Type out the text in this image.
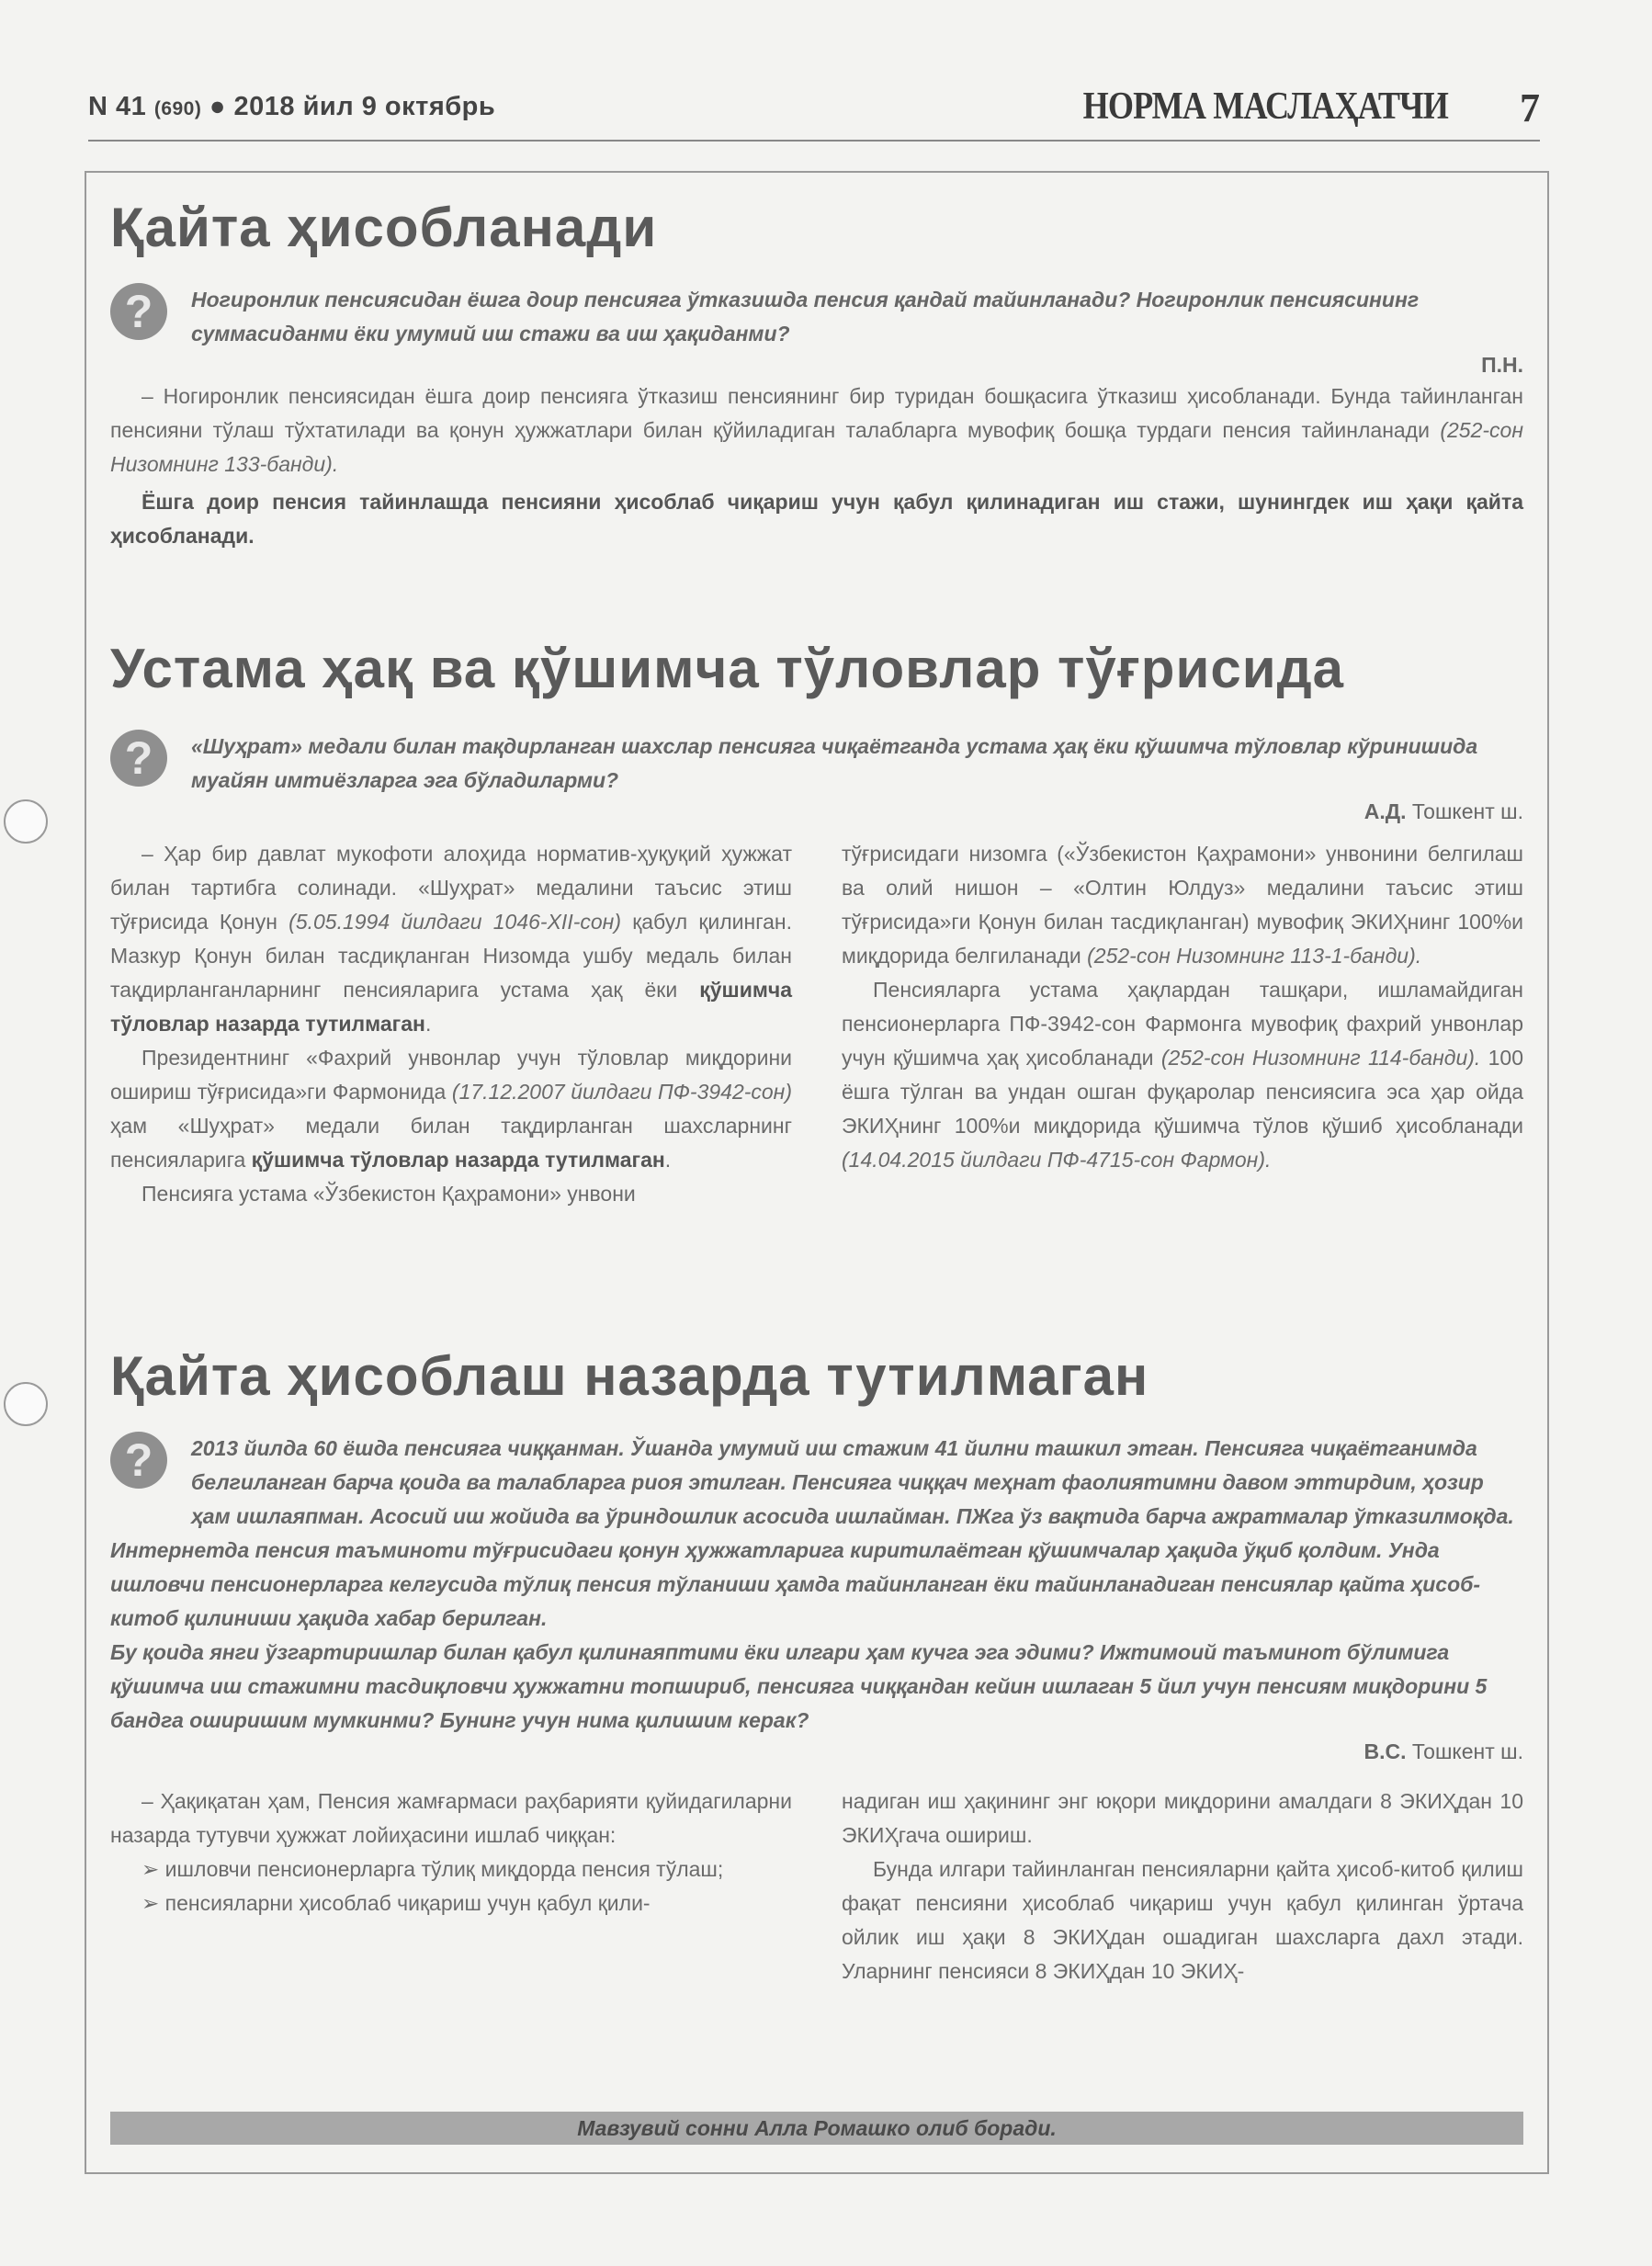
N 41 (690) ● 2018 йил 9 октябрь	НОРМА МАСЛАҲАТЧИ 7
Қайта ҳисобланади
?	Ногиронлик пенсиясидан ёшга доир пенсияга ўтказишда пенсия қандай тайинланади? Ногиронлик пенсиясининг суммасиданми ёки умумий иш стажи ва иш ҳақиданми?

П.Н.

– Ногиронлик пенсиясидан ёшга доир пенсияга ўтказиш пенсиянинг бир туридан бошқасига ўтказиш ҳисобланади. Бунда тайинланган пенсияни тўлаш тўхтатилади ва қонун ҳужжатлари билан қўйиладиган талабларга мувофиқ бошқа турдаги пенсия тайинланади (252-сон Низомнинг 133-банди).

Ёшга доир пенсия тайинлашда пенсияни ҳисоблаб чиқариш учун қабул қилинадиган иш стажи, шунингдек иш ҳақи қайта ҳисобланади.

Устама ҳақ ва қўшимча тўловлар тўғрисида
?	«Шуҳрат» медали билан тақдирланган шахслар пенсияга чиқаётганда устама ҳақ ёки қўшимча тўловлар кўринишида муайян имтиёзларга эга бўладиларми?

А.Д. Тошкент ш.

– Ҳар бир давлат мукофоти алоҳида норматив-ҳуқуқий ҳужжат билан тартибга солинади. «Шуҳрат» медалини таъсис этиш тўғрисида Қонун (5.05.1994 йилдаги 1046-XII-сон) қабул қилинган. Мазкур Қонун билан тасдиқланган Низомда ушбу медаль билан тақдирланганларнинг пенсияларига устама ҳақ ёки қўшимча тўловлар назарда тутилмаган.

Президентнинг «Фахрий унвонлар учун тўловлар миқдорини ошириш тўғрисида»ги Фармонида (17.12.2007 йилдаги ПФ-3942-сон) ҳам «Шуҳрат» медали билан тақдирланган шахсларнинг пенсияларига қўшимча тўловлар назарда тутилмаган.

Пенсияга устама «Ўзбекистон Қаҳрамони» унвони

тўғрисидаги низомга («Ўзбекистон Қаҳрамони» унвонини белгилаш ва олий нишон – «Олтин Юлдуз» медалини таъсис этиш тўғрисида»ги Қонун билан тасдиқланган) мувофиқ ЭКИҲнинг 100%и миқдорида белгиланади (252-сон Низомнинг 113-1-банди).

Пенсияларга устама ҳақлардан ташқари, ишламайдиган пенсионерларга ПФ-3942-сон Фармонга мувофиқ фахрий унвонлар учун қўшимча ҳақ ҳисобланади (252-сон Низомнинг 114-банди). 100 ёшга тўлган ва ундан ошган фуқаролар пенсиясига эса ҳар ойда ЭКИҲнинг 100%и миқдорида қўшимча тўлов қўшиб ҳисобланади (14.04.2015 йилдаги ПФ-4715-сон Фармон).

Қайта ҳисоблаш назарда тутилмаган
?	2013 йилда 60 ёшда пенсияга чиққанман. Ўшанда умумий иш стажим 41 йилни ташкил этган. Пенсияга чиқаётганимда белгиланган барча қоида ва талабларга риоя этилган. Пенсияга чиққач меҳнат фаолиятимни давом эттирдим, ҳозир ҳам ишлаяпман. Асосий иш жойида ва ўриндошлик асосида ишлайман. ПЖга ўз вақтида барча ажратмалар ўтказилмоқда.

Интернетда пенсия таъминоти тўғрисидаги қонун ҳужжатларига киритилаётган қўшимчалар ҳақида ўқиб қолдим. Унда ишловчи пенсионерларга келгусида тўлиқ пенсия тўланиши ҳамда тайинланган ёки тайинланадиган пенсиялар қайта ҳисоб-китоб қилиниши ҳақида хабар берилган.

Бу қоида янги ўзгартиришлар билан қабул қилинаяптими ёки илгари ҳам кучга эга эдими? Ижтимоий таъминот бўлимига қўшимча иш стажимни тасдиқловчи ҳужжатни топшириб, пенсияга чиққандан кейин ишлаган 5 йил учун пенсиям миқдорини 5 бандга оширишим мумкинми? Бунинг учун нима қилишим керак?

В.С. Тошкент ш.

– Ҳақиқатан ҳам, Пенсия жамғармаси раҳбарияти қуйидагиларни назарда тутувчи ҳужжат лойиҳасини ишлаб чиққан:

➢ ишловчи пенсионерларга тўлиқ миқдорда пенсия тўлаш;

➢ пенсияларни ҳисоблаб чиқариш учун қабул қили-

надиган иш ҳақининг энг юқори миқдорини амалдаги 8 ЭКИҲдан 10 ЭКИҲгача ошириш.

Бунда илгари тайинланган пенсияларни қайта ҳисоб-китоб қилиш фақат пенсияни ҳисоблаб чиқариш учун қабул қилинган ўртача ойлик иш ҳақи 8 ЭКИҲдан ошадиган шахсларга дахл этади. Уларнинг пенсияси 8 ЭКИҲдан 10 ЭКИҲ-

Мавзувий сонни Алла Ромашко олиб боради.
